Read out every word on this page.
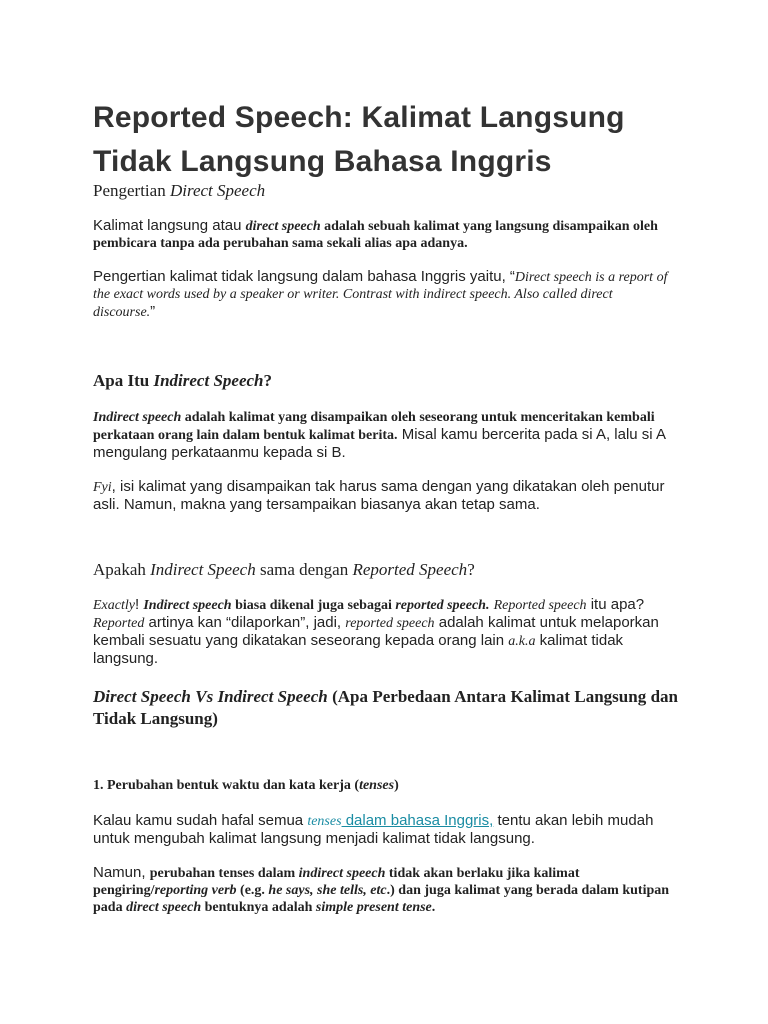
Reported Speech: Kalimat Langsung Tidak Langsung Bahasa Inggris
Pengertian Direct Speech

Kalimat langsung atau direct speech adalah sebuah kalimat yang langsung disampaikan oleh pembicara tanpa ada perubahan sama sekali alias apa adanya.

Pengertian kalimat tidak langsung dalam bahasa Inggris yaitu, “Direct speech is a report of the exact words used by a speaker or writer. Contrast with indirect speech. Also called direct discourse.”

Apa Itu Indirect Speech?

Indirect speech adalah kalimat yang disampaikan oleh seseorang untuk menceritakan kembali perkataan orang lain dalam bentuk kalimat berita. Misal kamu bercerita pada si A, lalu si A mengulang perkataanmu kepada si B.

Fyi, isi kalimat yang disampaikan tak harus sama dengan yang dikatakan oleh penutur asli. Namun, makna yang tersampaikan biasanya akan tetap sama.

Apakah Indirect Speech sama dengan Reported Speech?

Exactly! Indirect speech biasa dikenal juga sebagai reported speech. Reported speech itu apa? Reported artinya kan “dilaporkan”, jadi, reported speech adalah kalimat untuk melaporkan kembali sesuatu yang dikatakan seseorang kepada orang lain a.k.a kalimat tidak langsung.

Direct Speech Vs Indirect Speech (Apa Perbedaan Antara Kalimat Langsung dan Tidak Langsung)
1. Perubahan bentuk waktu dan kata kerja (tenses)

Kalau kamu sudah hafal semua tenses dalam bahasa Inggris, tentu akan lebih mudah untuk mengubah kalimat langsung menjadi kalimat tidak langsung.

Namun, perubahan tenses dalam indirect speech tidak akan berlaku jika kalimat pengiring/reporting verb (e.g. he says, she tells, etc.) dan juga kalimat yang berada dalam kutipan pada direct speech bentuknya adalah simple present tense.
